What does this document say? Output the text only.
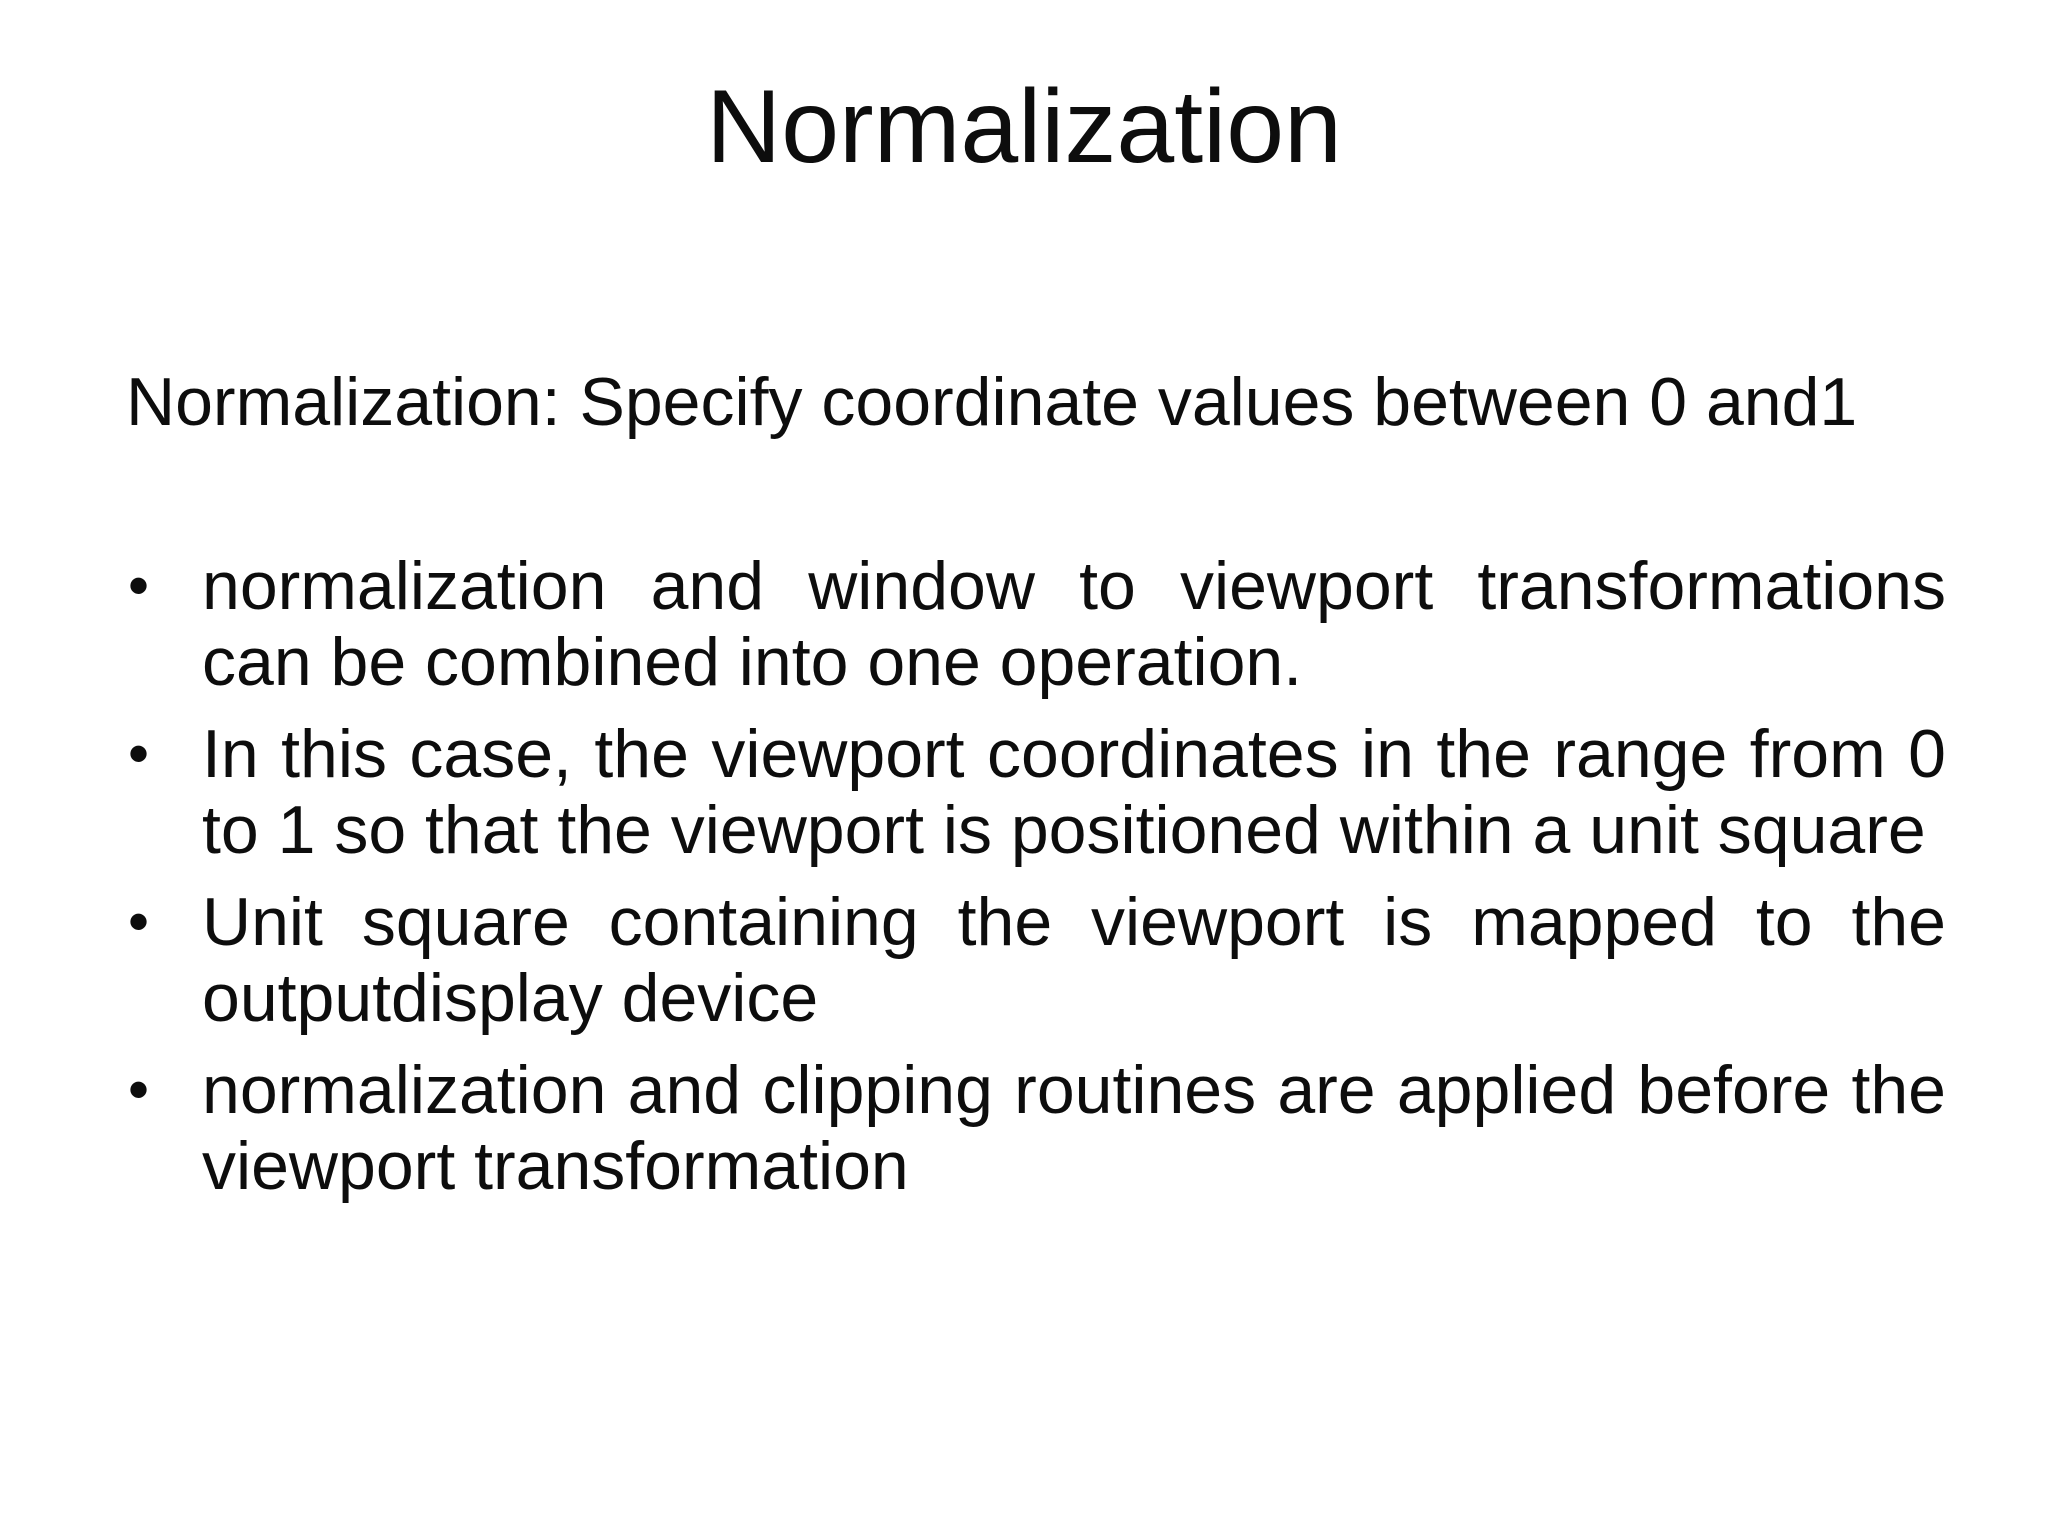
Normalization

Normalization: Specify coordinate values between 0 and1

• normalization and window to viewport transformations can be combined into one operation.
• In this case, the viewport coordinates in the range from 0 to 1 so that the viewport is positioned within a unit square
• Unit square containing the viewport is mapped to the outputdisplay device
• normalization and clipping routines are applied before the viewport transformation
